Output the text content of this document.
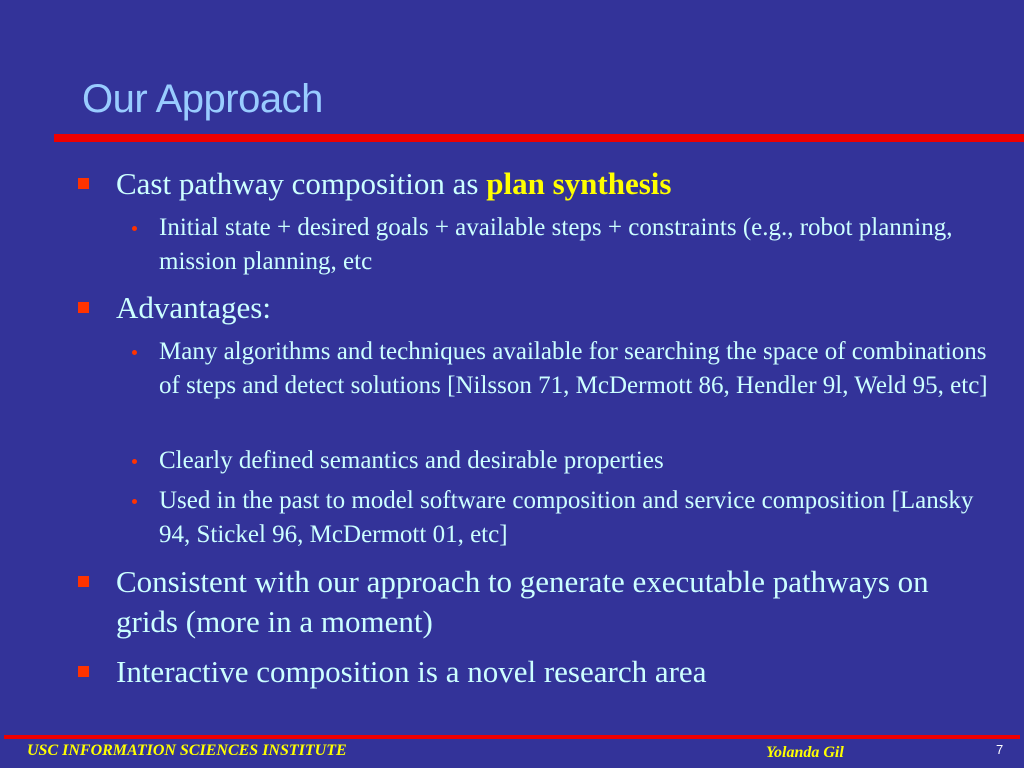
Our Approach
Cast pathway composition as plan synthesis
Initial state + desired goals + available steps + constraints (e.g., robot planning, mission planning, etc
Advantages:
Many algorithms and techniques available for searching the space of combinations of steps and detect solutions [Nilsson 71, McDermott 86, Hendler 9l, Weld 95, etc]
Clearly defined semantics and desirable properties
Used in the past to model software composition and service composition [Lansky 94, Stickel 96, McDermott 01, etc]
Consistent with our approach to generate executable pathways on grids (more in a moment)
Interactive composition is a novel research area
USC INFORMATION SCIENCES INSTITUTE	Yolanda Gil	7
